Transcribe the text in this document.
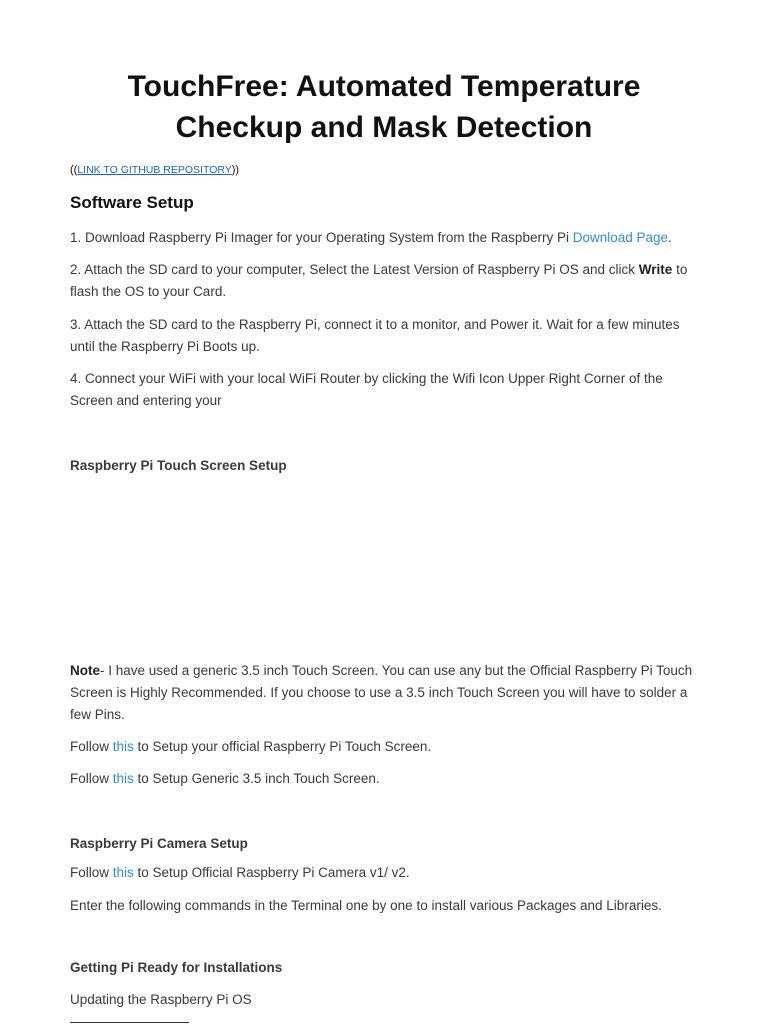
TouchFree: Automated Temperature Checkup and Mask Detection
((LINK TO GITHUB REPOSITORY))
Software Setup

1. Download Raspberry Pi Imager for your Operating System from the Raspberry Pi Download Page.

2. Attach the SD card to your computer, Select the Latest Version of Raspberry Pi OS and click Write to flash the OS to your Card.

3. Attach the SD card to the Raspberry Pi, connect it to a monitor, and Power it. Wait for a few minutes until the Raspberry Pi Boots up.

4. Connect your WiFi with your local WiFi Router by clicking the Wifi Icon Upper Right Corner of the Screen and entering your

Raspberry Pi Touch Screen Setup

Note- I have used a generic 3.5 inch Touch Screen. You can use any but the Official Raspberry Pi Touch Screen is Highly Recommended. If you choose to use a 3.5 inch Touch Screen you will have to solder a few Pins.

Follow this to Setup your official Raspberry Pi Touch Screen.

Follow this to Setup Generic 3.5 inch Touch Screen.

Raspberry Pi Camera Setup

Follow this to Setup Official Raspberry Pi Camera v1/ v2.

Enter the following commands in the Terminal one by one to install various Packages and Libraries.

Getting Pi Ready for Installations

Updating the Raspberry Pi OS
